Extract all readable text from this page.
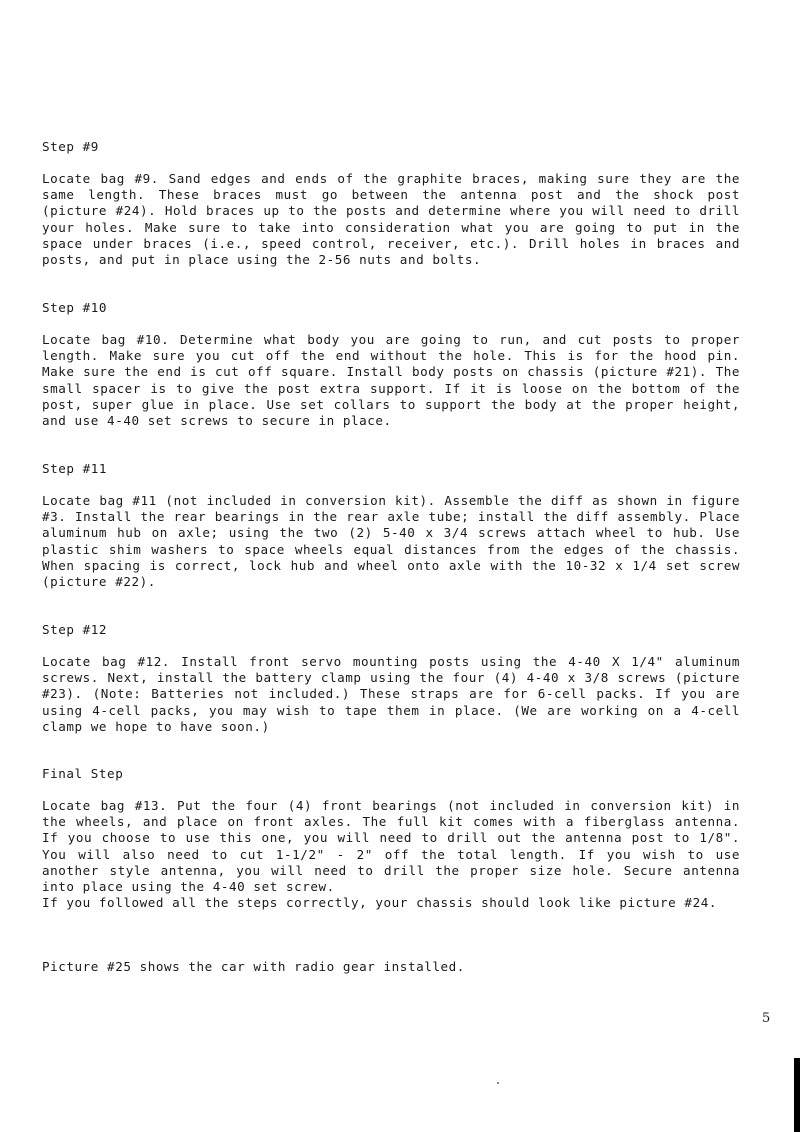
Step #9
Locate bag #9. Sand edges and ends of the graphite braces, making sure they are the same length. These braces must go between the antenna post and the shock post (picture #24). Hold braces up to the posts and determine where you will need to drill your holes. Make sure to take into consideration what you are going to put in the space under braces (i.e., speed control, receiver, etc.). Drill holes in braces and posts, and put in place using the 2-56 nuts and bolts.
Step #10
Locate bag #10. Determine what body you are going to run, and cut posts to proper length. Make sure you cut off the end without the hole. This is for the hood pin. Make sure the end is cut off square. Install body posts on chassis (picture #21). The small spacer is to give the post extra support. If it is loose on the bottom of the post, super glue in place. Use set collars to support the body at the proper height, and use 4-40 set screws to secure in place.
Step #11
Locate bag #11 (not included in conversion kit). Assemble the diff as shown in figure #3. Install the rear bearings in the rear axle tube; install the diff assembly. Place aluminum hub on axle; using the two (2) 5-40 x 3/4 screws attach wheel to hub. Use plastic shim washers to space wheels equal distances from the edges of the chassis. When spacing is correct, lock hub and wheel onto axle with the 10-32 x 1/4 set screw (picture #22).
Step #12
Locate bag #12. Install front servo mounting posts using the 4-40 X 1/4" aluminum screws. Next, install the battery clamp using the four (4) 4-40 x 3/8 screws (picture #23). (Note: Batteries not included.) These straps are for 6-cell packs. If you are using 4-cell packs, you may wish to tape them in place. (We are working on a 4-cell clamp we hope to have soon.)
Final Step
Locate bag #13. Put the four (4) front bearings (not included in conversion kit) in the wheels, and place on front axles. The full kit comes with a fiberglass antenna. If you choose to use this one, you will need to drill out the antenna post to 1/8". You will also need to cut 1-1/2" - 2" off the total length. If you wish to use another style antenna, you will need to drill the proper size hole. Secure antenna into place using the 4-40 set screw.
If you followed all the steps correctly, your chassis should look like picture #24.
Picture #25 shows the car with radio gear installed.
5
